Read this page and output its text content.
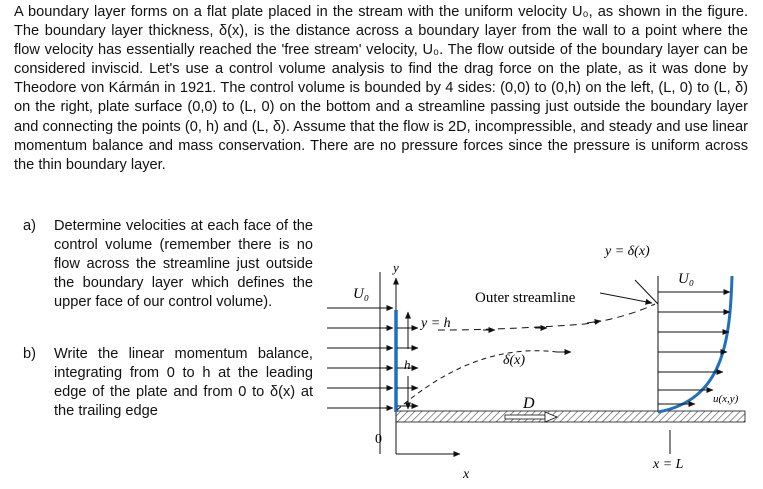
A boundary layer forms on a flat plate placed in the stream with the uniform velocity U₀, as shown in the figure. The boundary layer thickness, δ(x), is the distance across a boundary layer from the wall to a point where the flow velocity has essentially reached the 'free stream' velocity, U₀. The flow outside of the boundary layer can be considered inviscid. Let's use a control volume analysis to find the drag force on the plate, as it was done by Theodore von Kármán in 1921. The control volume is bounded by 4 sides: (0,0) to (0,h) on the left, (L, 0) to (L, δ) on the right, plate surface (0,0) to (L, 0) on the bottom and a streamline passing just outside the boundary layer and connecting the points (0, h) and (L, δ). Assume that the flow is 2D, incompressible, and steady and use linear momentum balance and mass conservation. There are no pressure forces since the pressure is uniform across the thin boundary layer.

a) Determine velocities at each face of the control volume (remember there is no flow across the streamline just outside the boundary layer which defines the upper face of our control volume).
b) Write the linear momentum balance, integrating from 0 to h at the leading edge of the plate and from 0 to δ(x) at the trailing edge
U₀
y
y = h
h
Outer streamline
δ(x)
D
y = δ(x)
U₀
u(x,y)
0
x
x = L
